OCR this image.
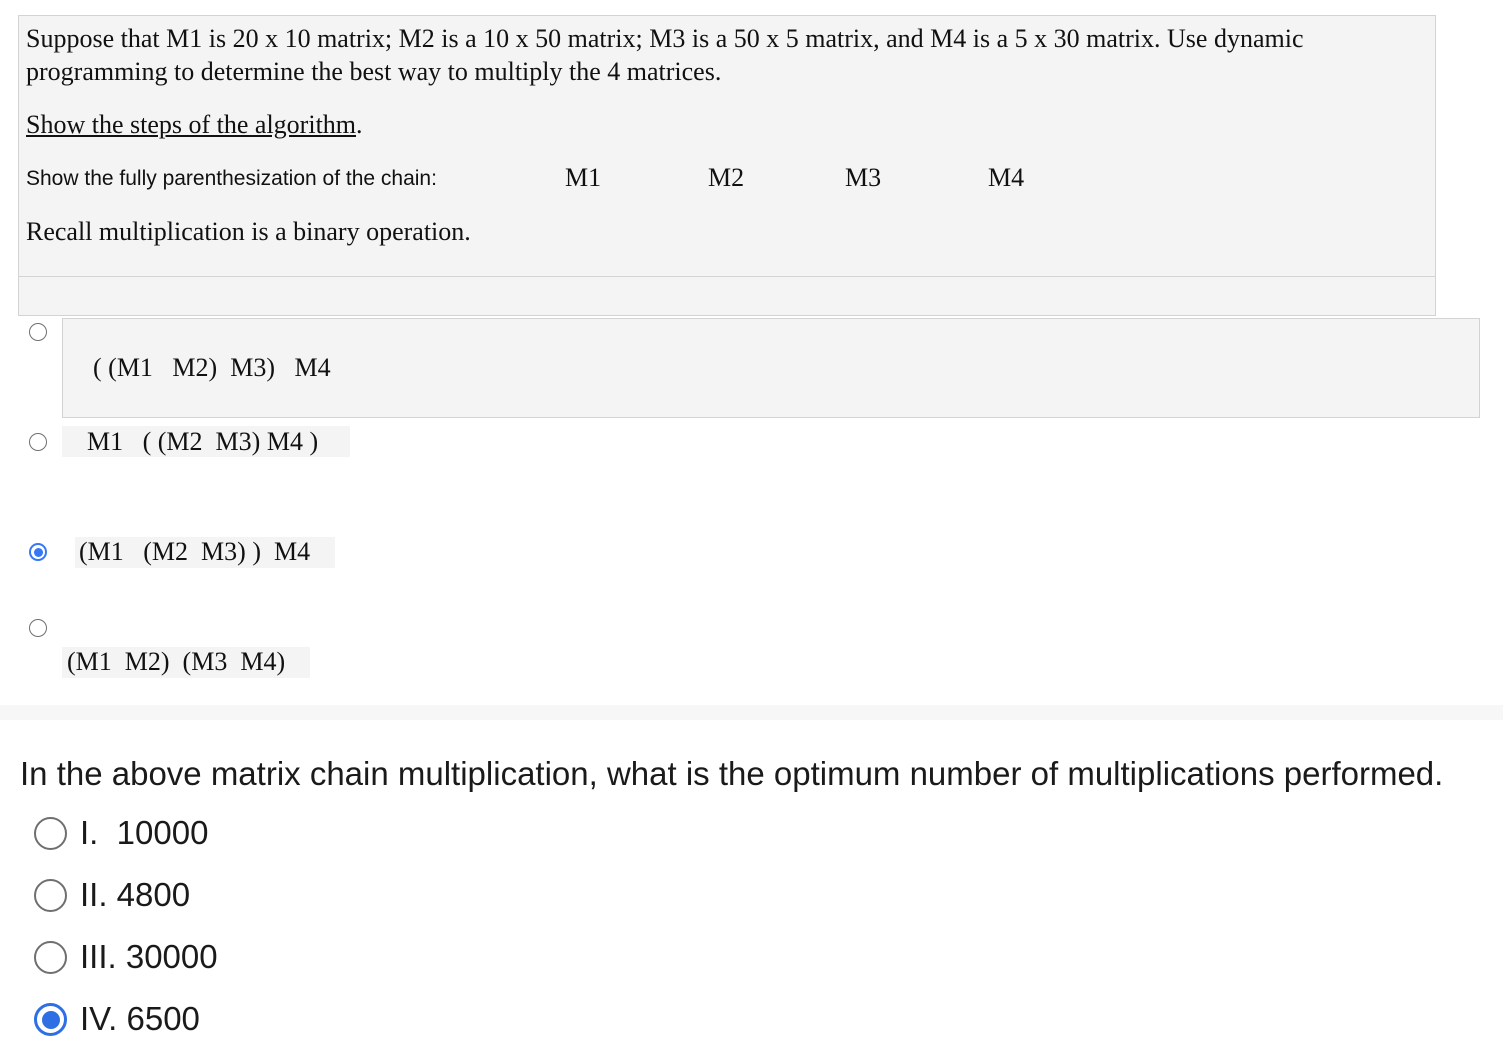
Suppose that M1 is 20 x 10 matrix; M2 is a 10 x 50 matrix; M3 is a 50 x 5 matrix, and M4 is a 5 x 30 matrix. Use dynamic programming to determine the best way to multiply the 4 matrices.
Show the steps of the algorithm.
Show the fully parenthesization of the chain:	M1	M2	M3	M4
Recall multiplication is a binary operation.
( (M1   M2)  M3)   M4
M1   ( (M2  M3) M4 )
(M1   (M2  M3) )  M4
(M1  M2)  (M3  M4)
In the above matrix chain multiplication, what is the optimum number of multiplications performed.
I.  10000
II. 4800
III. 30000
IV. 6500
